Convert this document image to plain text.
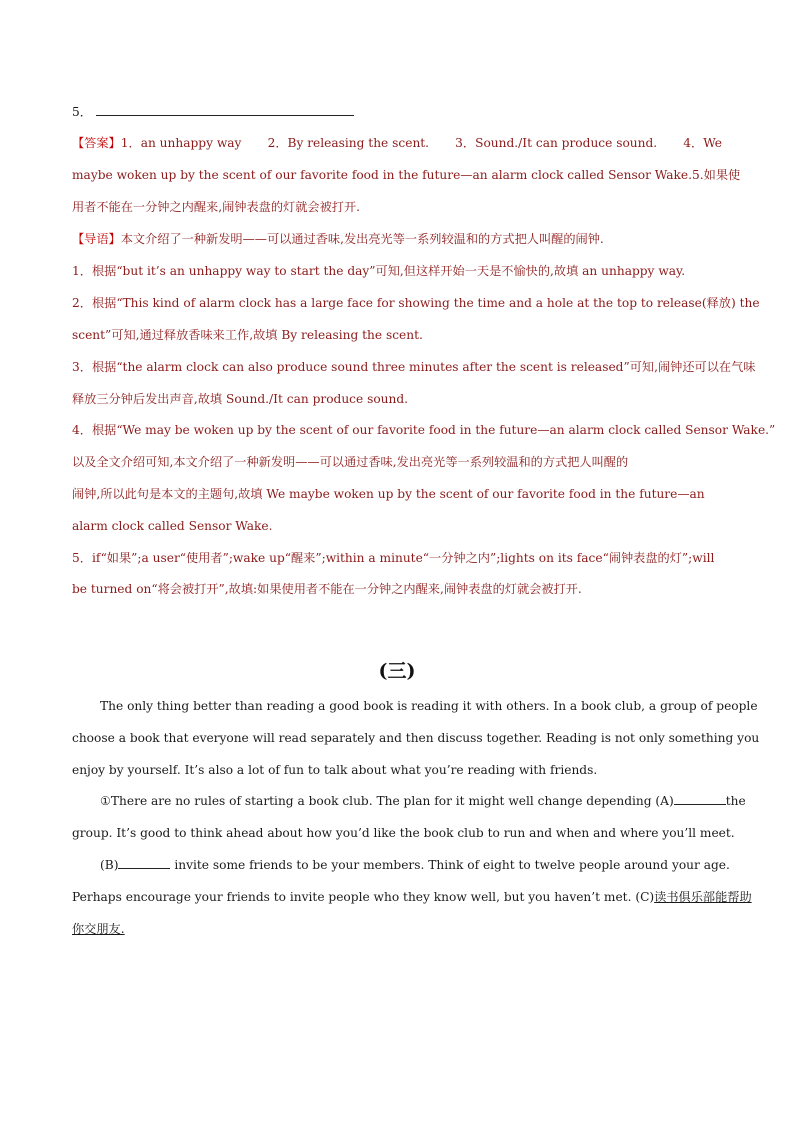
5．
【答案】1．an unhappy way 2．By releasing the scent. 3．Sound./It can produce sound. 4．We
maybe woken up by the scent of our favorite food in the future—an alarm clock called Sensor Wake. 5.如果使
用者不能在一分钟之内醒来,闹钟表盘的灯就会被打开.
【导语】本文介绍了一种新发明——可以通过香味,发出亮光等一系列较温和的方式把人叫醒的闹钟.
1．根据“but it’s an unhappy way to start the day”可知,但这样开始一天是不愉快的,故填 an unhappy way.
2．根据“This kind of alarm clock has a large face for showing the time and a hole at the top to release(释放) the
scent”可知,通过释放香味来工作,故填 By releasing the scent.
3．根据“the alarm clock can also produce sound three minutes after the scent is released”可知,闹钟还可以在气味
释放三分钟后发出声音,故填 Sound./It can produce sound.
4．根据“We may be woken up by the scent of our favorite food in the future—an alarm clock called Sensor Wake.”
以及全文介绍可知,本文介绍了一种新发明——可以通过香味,发出亮光等一系列较温和的方式把人叫醒的
闹钟,所以此句是本文的主题句,故填 We maybe woken up by the scent of our favorite food in the future—an
alarm clock called Sensor Wake.
5．if“如果”;a user“使用者”;wake up“醒来”;within a minute“一分钟之内”;lights on its face“闹钟表盘的灯”;will
be turned on“将会被打开”,故填:如果使用者不能在一分钟之内醒来,闹钟表盘的灯就会被打开.
(三)
The only thing better than reading a good book is reading it with others. In a book club, a group of people
choose a book that everyone will read separately and then discuss together. Reading is not only something you
enjoy by yourself. It’s also a lot of fun to talk about what you’re reading with friends.
①There are no rules of starting a book club. The plan for it might well change depending (A)	the
group. It’s good to think ahead about how you’d like the book club to run and when and where you’ll meet.
(B)	invite some friends to be your members. Think of eight to twelve people around your age.
Perhaps encourage your friends to invite people who they know well, but you haven’t met. (C)读书俱乐部能帮助
你交朋友.
